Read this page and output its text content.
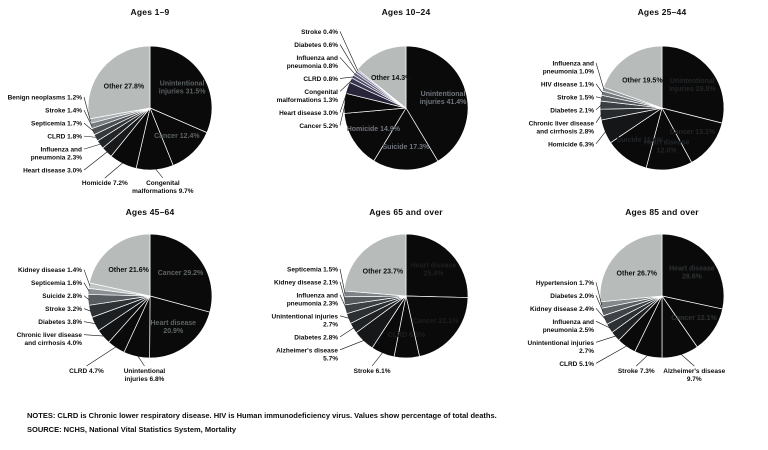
Unintentional injuries 31.5%
Cancer 12.4%
Other 27.8%
Benign neoplasms 1.2%
Stroke 1.4%
Septicemia 1.7%
CLRD 1.8%
Influenza and pneumonia 2.3%
Heart disease 3.0%
Homicide 7.2%	Congenital malformations 9.7%
Ages 1–9
Unintentional injuries 41.4%
Suicide 17.3%
Homicide 14.9%
Other 14.3%
Stroke 0.4%
Diabetes 0.6%
Influenza and pneumonia 0.8%
CLRD 0.8%
Congenital malformations 1.3%
Heart disease 3.0%
Cancer 5.2%
Ages 10–24
Unintentional injuries 28.8%
Cancer 13.1%
Heart disease 12.0%
Suicide 11.4%
Other 19.5%
Influenza and pneumonia 1.0%
HIV disease 1.1%
Stroke 1.5%
Diabetes 2.1%
Chronic liver disease and cirrhosis 2.8%
Homicide 6.3%
Ages 25–44
Cancer 29.2%
Heart disease 20.9%
Other 21.6%
Kidney disease 1.4%
Septicemia 1.6%
Suicide 2.8%
Stroke 3.2%
Diabetes 3.8%
Chronic liver disease and cirrhosis 4.0%
CLRD 4.7%	Unintentional injuries 6.8%
Ages 45–64
Heart disease 25.4%
Cancer 21.1%
CLRD 6.6%
Other 23.7%
Septicemia 1.5%
Kidney disease 2.1%
Influenza and pneumonia 2.3%
Unintentional injuries 2.7%
Diabetes 2.8%
Alzheimer's disease 5.7%
Stroke 6.1%
Ages 65 and over
Heart disease 28.6%
Cancer 12.1%
Other 26.7%
Hypertension 1.7%
Diabetes 2.0%
Kidney disease 2.4%
Influenza and pneumonia 2.5%
Unintentional injuries 2.7%
CLRD 5.1%
Stroke 7.3% Alzheimer's disease 9.7%
Ages 85 and over
NOTES: CLRD is Chronic lower respiratory disease. HIV is Human immunodeficiency virus. Values show percentage of total deaths.
SOURCE: NCHS, National Vital Statistics System, Mortality
